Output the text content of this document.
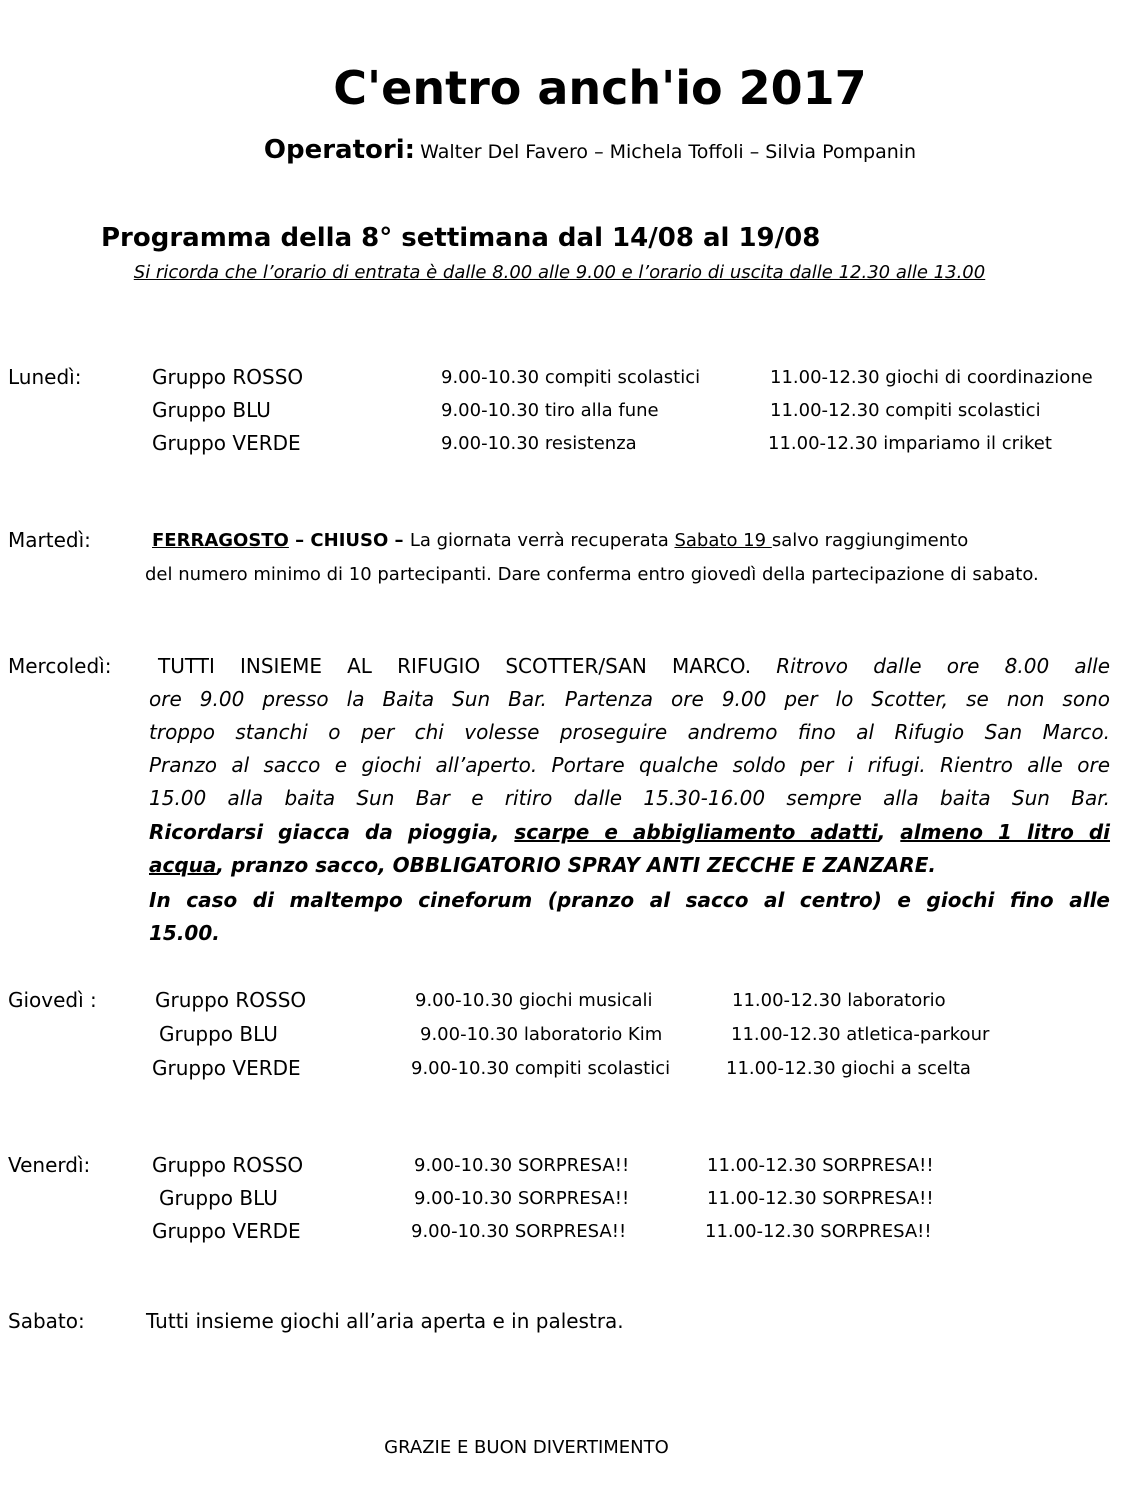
C'entro anch'io 2017
Operatori: Walter Del Favero – Michela Toffoli – Silvia Pompanin
Programma della 8° settimana dal 14/08 al 19/08
Si ricorda che l’orario di entrata è dalle 8.00 alle 9.00 e l’orario di uscita dalle 12.30 alle 13.00
Lunedì:	Gruppo ROSSO	9.00-10.30 compiti scolastici	11.00-12.30 giochi di coordinazione
Gruppo BLU	9.00-10.30 tiro alla fune	11.00-12.30 compiti scolastici
Gruppo VERDE	9.00-10.30 resistenza	11.00-12.30 impariamo il criket
Martedì:	FERRAGOSTO – CHIUSO – La giornata verrà recuperata Sabato 19 salvo raggiungimento
del numero minimo di 10 partecipanti. Dare conferma entro giovedì della partecipazione di sabato.
Mercoledì: TUTTI INSIEME AL RIFUGIO SCOTTER/SAN MARCO. Ritrovo dalle ore 8.00 alle
ore 9.00 presso la Baita Sun Bar. Partenza ore 9.00 per lo Scotter, se non sono
troppo stanchi o per chi volesse proseguire andremo fino al Rifugio San Marco.
Pranzo al sacco e giochi all’aperto. Portare qualche soldo per i rifugi. Rientro alle ore
15.00 alla baita Sun Bar e ritiro dalle 15.30-16.00 sempre alla baita Sun Bar.
Ricordarsi giacca da pioggia, scarpe e abbigliamento adatti, almeno 1 litro di
acqua, pranzo sacco, OBBLIGATORIO SPRAY ANTI ZECCHE E ZANZARE.
In caso di maltempo cineforum (pranzo al sacco al centro) e giochi fino alle
15.00.
Giovedì :	Gruppo ROSSO	9.00-10.30 giochi musicali	11.00-12.30 laboratorio
Gruppo BLU	9.00-10.30 laboratorio Kim	11.00-12.30 atletica-parkour
Gruppo VERDE	9.00-10.30 compiti scolastici	11.00-12.30 giochi a scelta
Venerdì:	Gruppo ROSSO	9.00-10.30 SORPRESA!!	11.00-12.30 SORPRESA!!
Gruppo BLU	9.00-10.30 SORPRESA!!	11.00-12.30 SORPRESA!!
Gruppo VERDE	9.00-10.30 SORPRESA!!	11.00-12.30 SORPRESA!!
Sabato:	Tutti insieme giochi all’aria aperta e in palestra.
GRAZIE E BUON DIVERTIMENTO
